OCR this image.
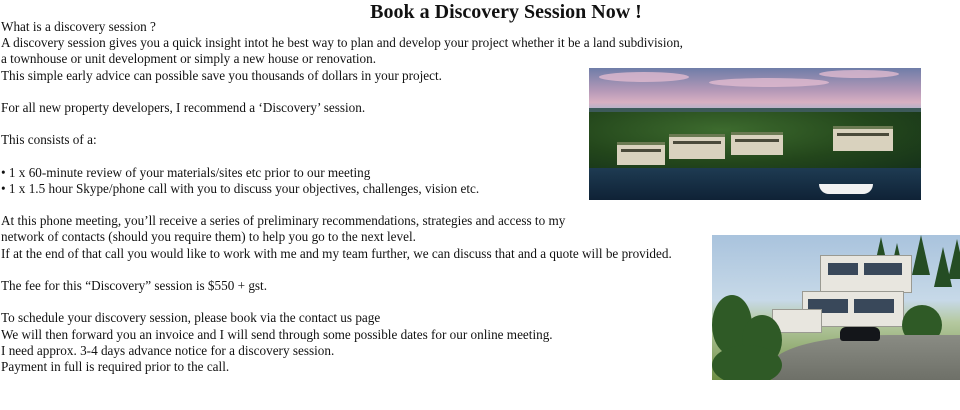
Book a Discovery Session Now !
What is a discovery session ?
A discovery session gives you a quick insight intot he best way to plan and develop your project whether it be a land subdivision,
a townhouse or unit development or simply a new house or renovation.
This simple early advice can possible save you thousands of dollars in your project.
For all new property developers, I recommend a ‘Discovery’ session.
This consists of a:
• 1 x 60-minute review of your materials/sites etc prior to our meeting
• 1 x 1.5 hour Skype/phone call with you to discuss your objectives, challenges, vision etc.
At this phone meeting, you’ll receive a series of preliminary recommendations, strategies and access to my
network of contacts (should you require them) to help you go to the next level.
If at the end of that call you would like to work with me and my team further, we can discuss that and a quote will be provided.
The fee for this “Discovery” session is $550 + gst.
To schedule your discovery session, please book via the contact us page
We will then forward you an invoice and I will send through some possible dates for our online meeting.
I need approx. 3-4 days advance notice for a discovery session.
Payment in full is required prior to the call.
